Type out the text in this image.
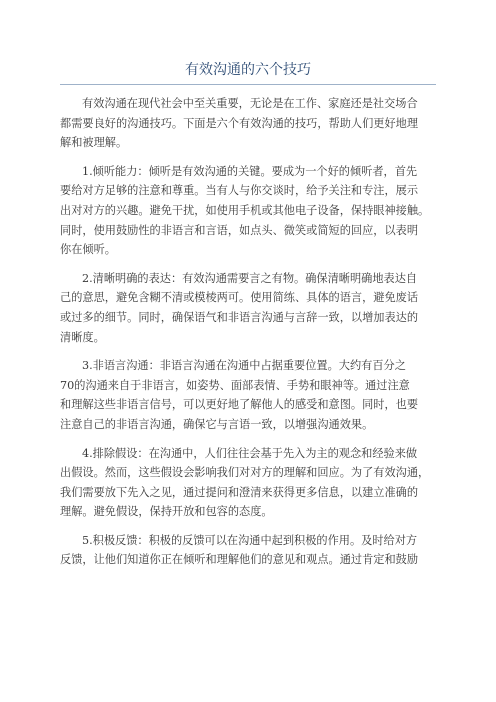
有效沟通的六个技巧

有效沟通在现代社会中至关重要，无论是在工作、家庭还是社交场合
都需要良好的沟通技巧。下面是六个有效沟通的技巧，帮助人们更好地理
解和被理解。

1.倾听能力：倾听是有效沟通的关键。要成为一个好的倾听者，首先
要给对方足够的注意和尊重。当有人与你交谈时，给予关注和专注，展示
出对对方的兴趣。避免干扰，如使用手机或其他电子设备，保持眼神接触。
同时，使用鼓励性的非语言和言语，如点头、微笑或简短的回应，以表明
你在倾听。

2.清晰明确的表达：有效沟通需要言之有物。确保清晰明确地表达自
己的意思，避免含糊不清或模棱两可。使用简练、具体的语言，避免废话
或过多的细节。同时，确保语气和非语言沟通与言辞一致，以增加表达的
清晰度。

3.非语言沟通：非语言沟通在沟通中占据重要位置。大约有百分之
70的沟通来自于非语言，如姿势、面部表情、手势和眼神等。通过注意
和理解这些非语言信号，可以更好地了解他人的感受和意图。同时，也要
注意自己的非语言沟通，确保它与言语一致，以增强沟通效果。

4.排除假设：在沟通中，人们往往会基于先入为主的观念和经验来做
出假设。然而，这些假设会影响我们对对方的理解和回应。为了有效沟通，
我们需要放下先入之见，通过提问和澄清来获得更多信息，以建立准确的
理解。避免假设，保持开放和包容的态度。

5.积极反馈：积极的反馈可以在沟通中起到积极的作用。及时给对方
反馈，让他们知道你正在倾听和理解他们的意见和观点。通过肯定和鼓励
